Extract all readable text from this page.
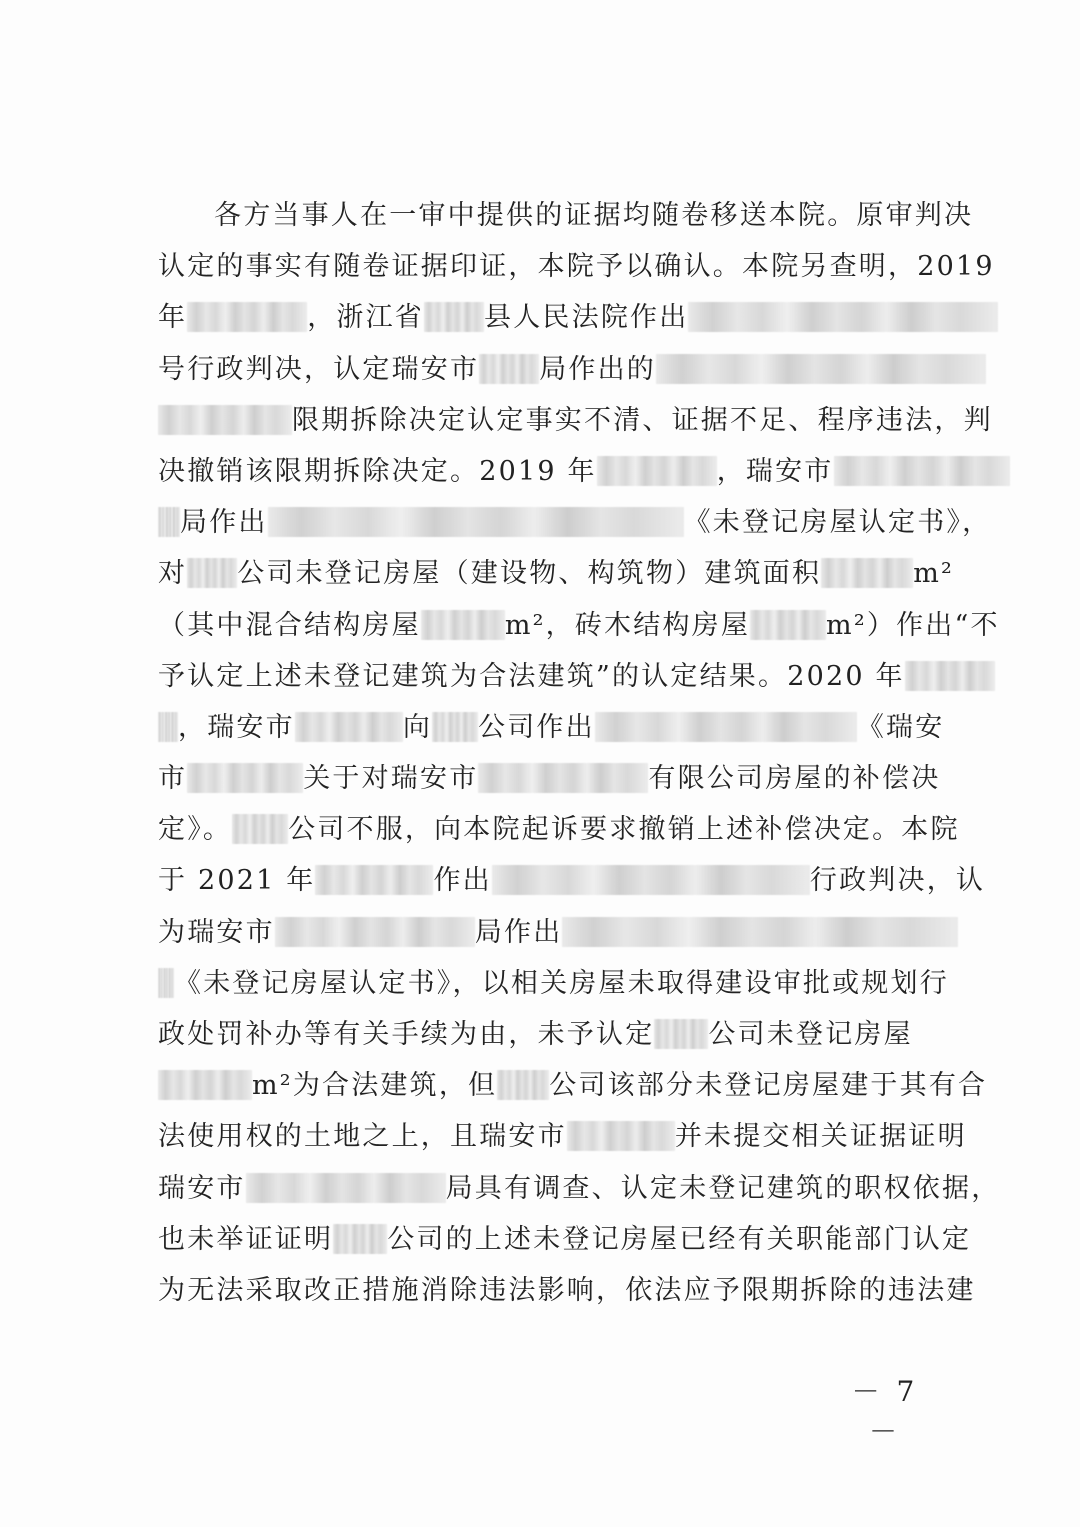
各方当事人在一审中提供的证据均随卷移送本院。原审判决
认定的事实有随卷证据印证，本院予以确认。本院另查明，2019
年	，浙江省 县人民法院作出
号行政判决，认定瑞安市 局作出的
限期拆除决定认定事实不清、证据不足、程序违法，判
决撤销该限期拆除决定。2019 年	，瑞安市
局作出	《未登记房屋认定书》，
对 公司未登记房屋（建设物、构筑物）建筑面积	m²
（其中混合结构房屋	m²，砖木结构房屋	m²）作出“不
予认定上述未登记建筑为合法建筑”的认定结果。2020 年
，瑞安市	向 公司作出	《瑞安
市	关于对瑞安市	有限公司房屋的补偿决
定》。 公司不服，向本院起诉要求撤销上述补偿决定。本院
于 2021 年	作出	行政判决，认
为瑞安市	局作出
《未登记房屋认定书》，以相关房屋未取得建设审批或规划行
政处罚补办等有关手续为由，未予认定 公司未登记房屋
m²为合法建筑，但 公司该部分未登记房屋建于其有合
法使用权的土地之上，且瑞安市	并未提交相关证据证明
瑞安市	局具有调查、认定未登记建筑的职权依据，
也未举证证明 公司的上述未登记房屋已经有关职能部门认定
为无法采取改正措施消除违法影响，依法应予限期拆除的违法建
－ 7 －
